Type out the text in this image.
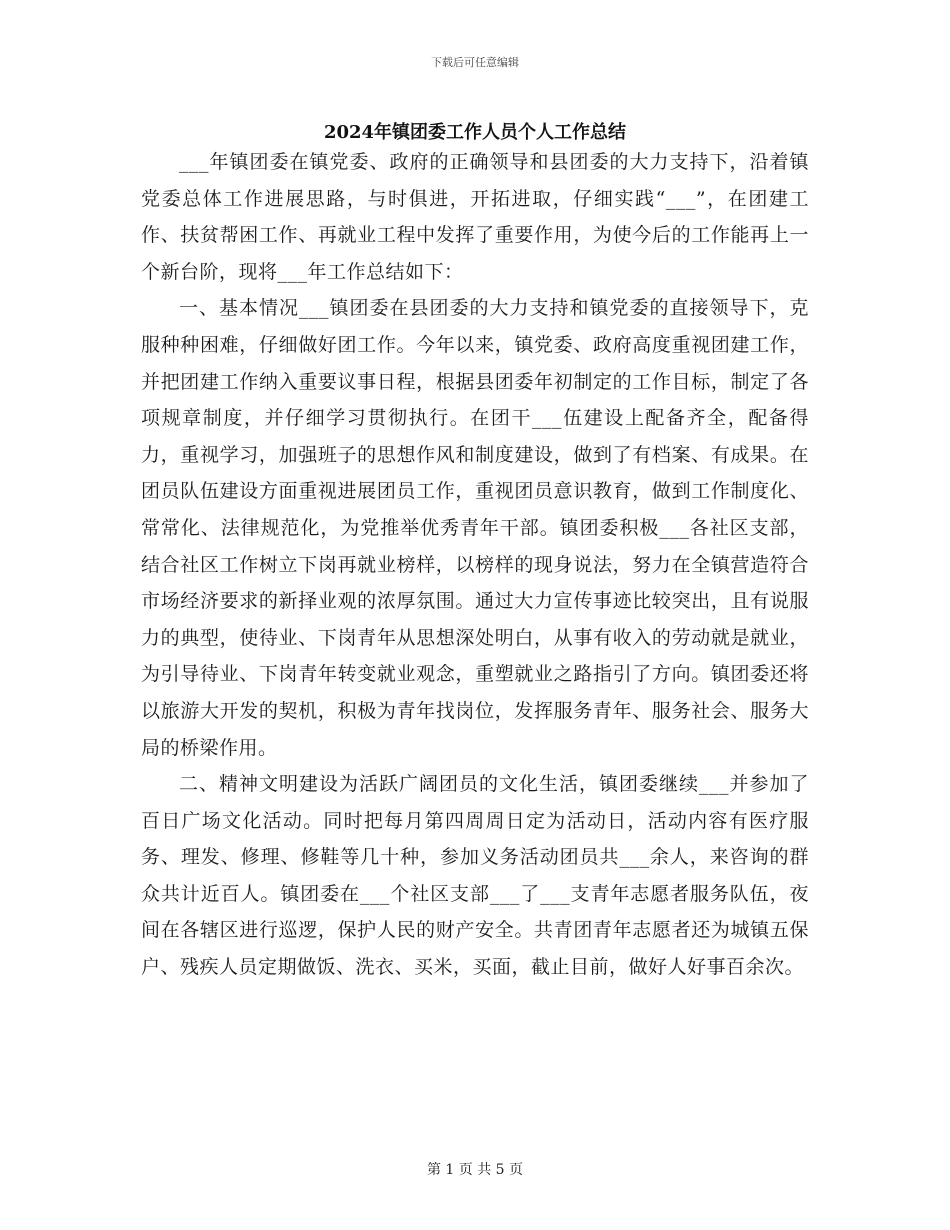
下载后可任意编辑
2024年镇团委工作人员个人工作总结

___年镇团委在镇党委、政府的正确领导和县团委的大力支持下，沿着镇党委总体工作进展思路，与时俱进，开拓进取，仔细实践“___”，在团建工作、扶贫帮困工作、再就业工程中发挥了重要作用，为使今后的工作能再上一个新台阶，现将___年工作总结如下：

一、基本情况___镇团委在县团委的大力支持和镇党委的直接领导下，克服种种困难，仔细做好团工作。今年以来，镇党委、政府高度重视团建工作，并把团建工作纳入重要议事日程，根据县团委年初制定的工作目标，制定了各项规章制度，并仔细学习贯彻执行。在团干___伍建设上配备齐全，配备得力，重视学习，加强班子的思想作风和制度建设，做到了有档案、有成果。在团员队伍建设方面重视进展团员工作，重视团员意识教育，做到工作制度化、常常化、法律规范化，为党推举优秀青年干部。镇团委积极___各社区支部，结合社区工作树立下岗再就业榜样，以榜样的现身说法，努力在全镇营造符合市场经济要求的新择业观的浓厚氛围。通过大力宣传事迹比较突出，且有说服力的典型，使待业、下岗青年从思想深处明白，从事有收入的劳动就是就业，为引导待业、下岗青年转变就业观念，重塑就业之路指引了方向。镇团委还将以旅游大开发的契机，积极为青年找岗位，发挥服务青年、服务社会、服务大局的桥梁作用。

二、精神文明建设为活跃广阔团员的文化生活，镇团委继续___并参加了百日广场文化活动。同时把每月第四周周日定为活动日，活动内容有医疗服务、理发、修理、修鞋等几十种，参加义务活动团员共___余人，来咨询的群众共计近百人。镇团委在___个社区支部___了___支青年志愿者服务队伍，夜间在各辖区进行巡逻，保护人民的财产安全。共青团青年志愿者还为城镇五保户、残疾人员定期做饭、洗衣、买米，买面，截止目前，做好人好事百余次。

第 1 页 共 5 页
